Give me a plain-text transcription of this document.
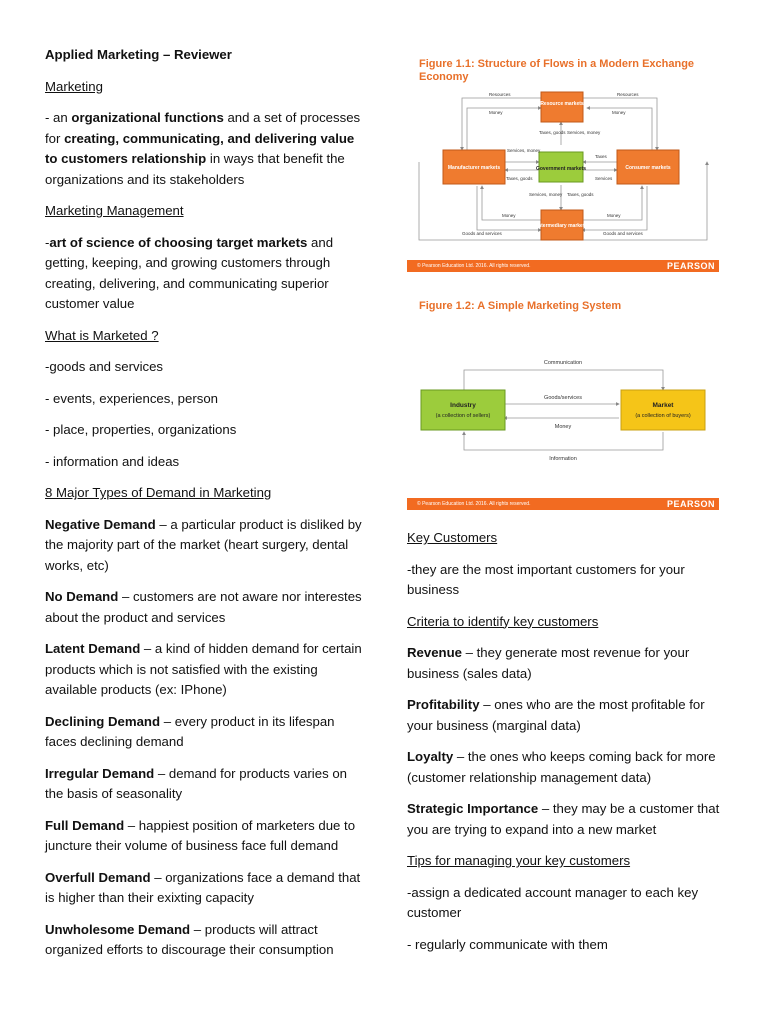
Applied Marketing – Reviewer
Marketing
- an organizational functions and a set of processes for creating, communicating, and delivering value to customers relationship in ways that benefit the organizations and its stakeholders
Marketing Management
-art of science of choosing target markets and getting, keeping, and growing customers through creating, delivering, and communicating superior customer value
What is Marketed ?
-goods and services
- events, experiences, person
- place, properties, organizations
- information and ideas
8 Major Types of Demand in Marketing
Negative Demand – a particular product is disliked by the majority part of the market (heart surgery, dental works, etc)
No Demand – customers are not aware nor interestes about the product and services
Latent Demand – a kind of hidden demand for certain products which is not satisfied with the existing available products (ex: IPhone)
Declining Demand – every product in its lifespan faces declining demand
Irregular Demand – demand for products varies on the basis of seasonality
Full Demand – happiest position of marketers due to juncture their volume of business face full demand
Overfull Demand – organizations face a demand that is higher than their exixting capacity
Unwholesome Demand – products will attract organized efforts to discourage their consumption
Figure 1.1: Structure of Flows in a Modern Exchange
Economy
Resource markets
Government markets
Manufacturer markets	Consumer markets
Intermediary markets
Resources
Money
Resources
Money
Taxes, goods Services, money
Services, money
Taxes
Taxes, goods	Services
Services, money Taxes, goods
Money	Money
Goods and services	Goods and services
© Pearson Education Ltd. 2016. All rights reserved.	PEARSON
Figure 1.2: A Simple Marketing System
Industry
(a collection of sellers)
Market
(a collection of buyers)
Communication
Goods/services
Money
Information
© Pearson Education Ltd. 2016. All rights reserved.	PEARSON
Key Customers
-they are the most important customers for your business
Criteria to identify key customers
Revenue – they generate most revenue for your business (sales data)
Profitability – ones who are the most profitable for your business (marginal data)
Loyalty – the ones who keeps coming back for more (customer relationship management data)
Strategic Importance – they may be a customer that you are trying to expand into a new market
Tips for managing your key customers
-assign a dedicated account manager to each key customer
- regularly communicate with them
